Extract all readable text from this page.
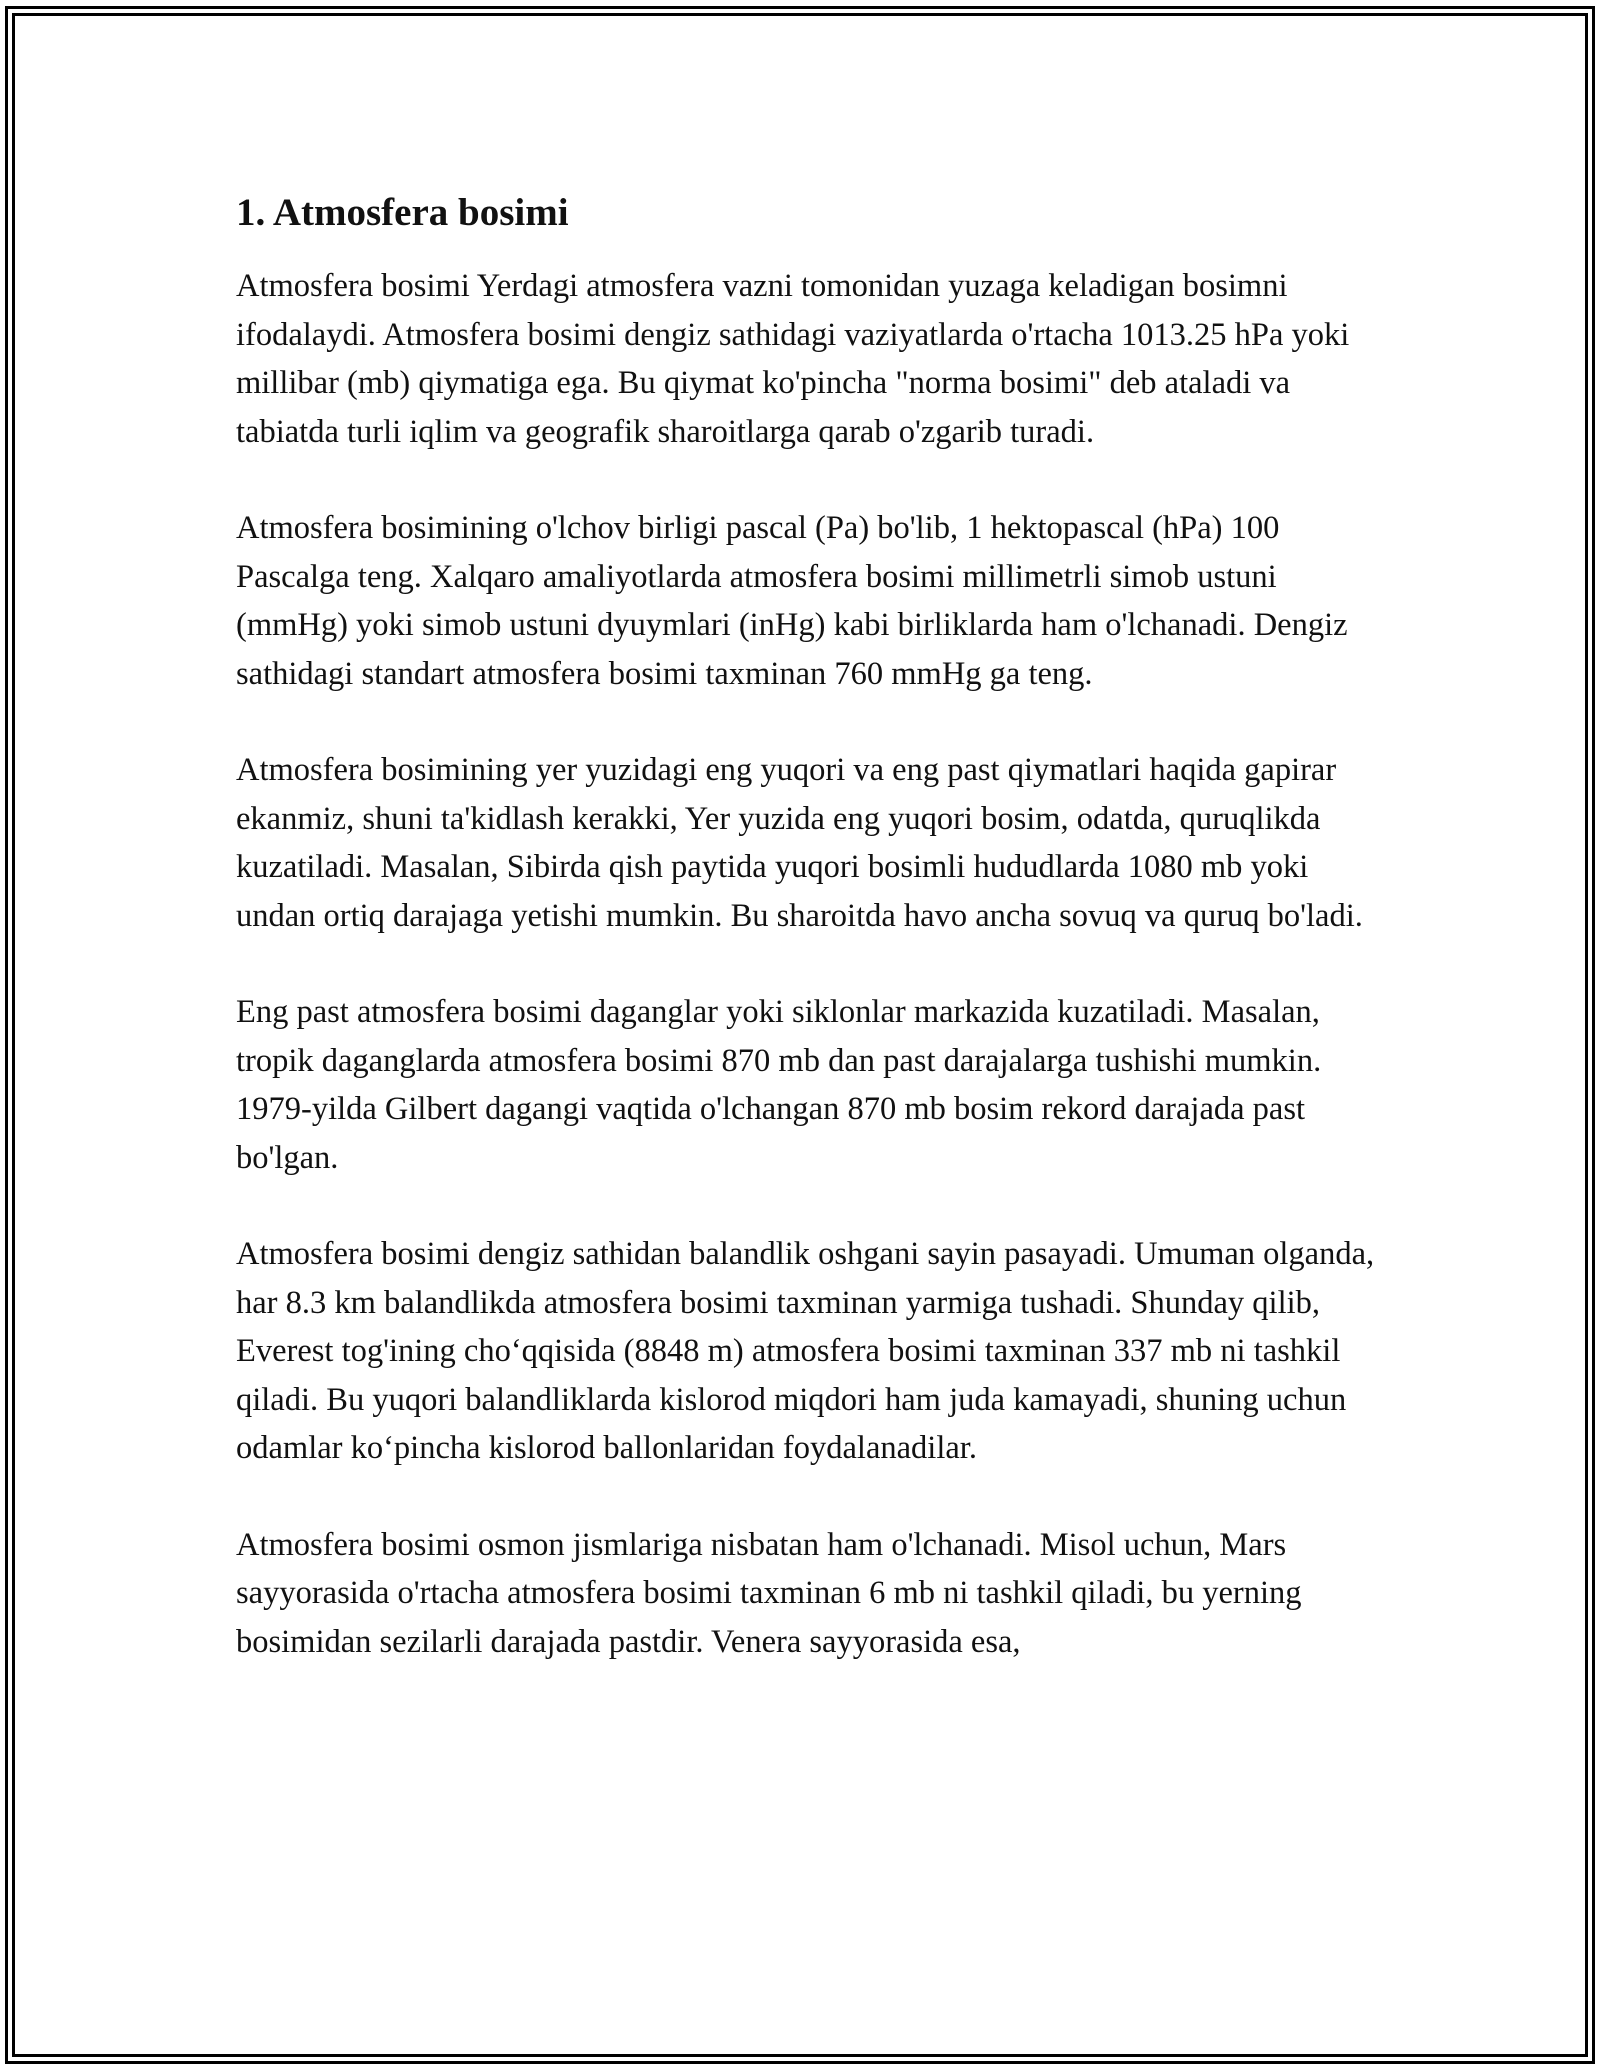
1. Atmosfera bosimi

Atmosfera bosimi Yerdagi atmosfera vazni tomonidan yuzaga keladigan bosimni ifodalaydi. Atmosfera bosimi dengiz sathidagi vaziyatlarda o'rtacha 1013.25 hPa yoki millibar (mb) qiymatiga ega. Bu qiymat ko'pincha "norma bosimi" deb ataladi va tabiatda turli iqlim va geografik sharoitlarga qarab o'zgarib turadi.

Atmosfera bosimining o'lchov birligi pascal (Pa) bo'lib, 1 hektopascal (hPa) 100 Pascalga teng. Xalqaro amaliyotlarda atmosfera bosimi millimetrli simob ustuni (mmHg) yoki simob ustuni dyuymlari (inHg) kabi birliklarda ham o'lchanadi. Dengiz sathidagi standart atmosfera bosimi taxminan 760 mmHg ga teng.

Atmosfera bosimining yer yuzidagi eng yuqori va eng past qiymatlari haqida gapirar ekanmiz, shuni ta'kidlash kerakki, Yer yuzida eng yuqori bosim, odatda, quruqlikda kuzatiladi. Masalan, Sibirda qish paytida yuqori bosimli hududlarda 1080 mb yoki undan ortiq darajaga yetishi mumkin. Bu sharoitda havo ancha sovuq va quruq bo'ladi.

Eng past atmosfera bosimi daganglar yoki siklonlar markazida kuzatiladi. Masalan, tropik daganglarda atmosfera bosimi 870 mb dan past darajalarga tushishi mumkin. 1979-yilda Gilbert dagangi vaqtida o'lchangan 870 mb bosim rekord darajada past bo'lgan.

Atmosfera bosimi dengiz sathidan balandlik oshgani sayin pasayadi. Umuman olganda, har 8.3 km balandlikda atmosfera bosimi taxminan yarmiga tushadi. Shunday qilib, Everest tog'ining cho‘qqisida (8848 m) atmosfera bosimi taxminan 337 mb ni tashkil qiladi. Bu yuqori balandliklarda kislorod miqdori ham juda kamayadi, shuning uchun odamlar ko‘pincha kislorod ballonlaridan foydalanadilar.

Atmosfera bosimi osmon jismlariga nisbatan ham o'lchanadi. Misol uchun, Mars sayyorasida o'rtacha atmosfera bosimi taxminan 6 mb ni tashkil qiladi, bu yerning bosimidan sezilarli darajada pastdir. Venera sayyorasida esa,
